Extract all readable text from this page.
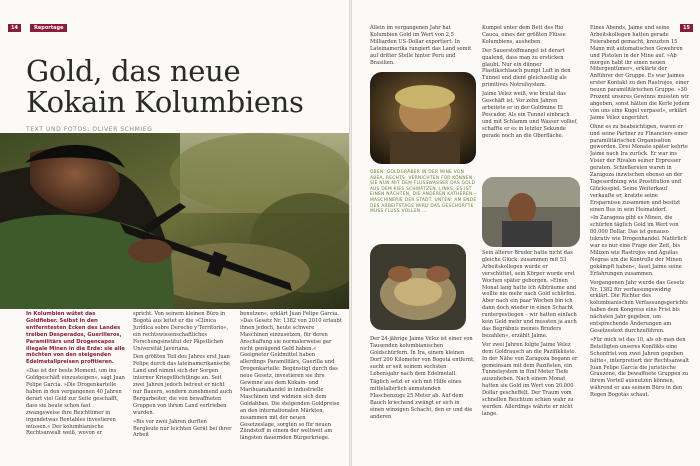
14	Reportage
Gold, das neue
Kokain Kolumbiens
TEXT UND FOTOS: OLIVER SCHMIEG

In Kolumbien wütet das Goldfieber. Selbst in den entferntesten Ecken des Landes treiben Desperados, Guerilleros, Paramilitärs und Drogencapos illegale Minen in die Erde: sie alle möchten von den steigenden Edelmetallpreisen profitieren.

»Das ist der beste Moment, um ins Goldgeschäft einzusteigen«, sagt Juan Felipe García. »Die Drogenkartelle haben in den vergangenen 40 Jahren derart viel Geld zur Seite geschafft, dass sie heute schon fast zwangsweise ihre Reichtümer in irgendetwas Rentables investieren müssen.« Der kolumbianische Rechtsanwalt weiß, wovon er

spricht. Von seinem kleinen Büro in Bogotá aus leitet er die »Clínica Jurídica sobre Derecho y Territorio«, ein rechtswissenschaftliches Forschungsinstitut der Päpstlichen Universität Javeriana.

Den größten Teil des Jahres erst Juan Felipe durch das lateinamerikanische Land und nimmt sich der Sorgen interner Kriegsflüchtlinge an. Seit zwei Jahren jedoch betreut er nicht nur Bauern, sondern zunehmend auch Bergarbeiter, die von bewaffneten Gruppen von ihrem Land vertrieben wurden.

»Bis vor zwei Jahren durften Bergleute nur leichten Gerät bei ihrer Arbeit

benutzen«, erklärt Juan Felipe García. »Das Gesetz Nr. 1382 von 2010 erlaubt ihnen jedoch, heute schwere Maschinen einzusetzen, für deren Anschaffung sie normalerweise gar nicht genügend Geld haben.« Geeigneter Geldmittel haben allerdings Paramilitärs, Guerilla und Drogenkartelle: Begünstigt durch das neue Gesetz, investieren sie ihre Gewinne aus dem Kokain- und Marihuanahandel in industrielle Maschinen und widmen sich dem Goldabbau. Die steigenden Goldpreise an den internationalen Märkten, zusammen mit der neuen Gesetzeslage, sorgten so für neuen Zündstoff in einem der weltweit am längsten dauernden Bürgerkriege.

15

Allein im vergangenen Jahr hat Kolumbien Gold im Wert von 2,5 Milliarden US-Dollar exportiert. In Lateinamerika rangiert das Land somit auf dritter Stelle hinter Peru und Brasilien.

OBEN: GOLDGRÄBER IN DER MINE VON ABEA. RECHTS: VERNICHTEN FÜR KÖNNEN SIE NUN MIT DEM FLUSSWASSER DAS GOLD AUS DEM KIES SCHWÄTZEN. LINKS, ES IST EINEN NÄCHTEN, DIE ANDEREN KATHEREN – MASCHINERIE DER STADT. UNTEN: AM ENDE DES ARBEITSTAGS WIRD DAS GESCHÜRFTE MUSS FLUSS VOLLEN ...

Der 24-jährige Jaime Vélez ist einer von Tausenden kolumbianischen Goldschürfern. In Ira, einem kleinen Dorf 200 Kilometer von Bogotá entfernt, sucht er seit seinem sechsten Lebensjahr nach dem Edelmetall.

Täglich setzt er sich mit Hilfe eines mittelalterlich anmutenden Flaschenzugs 25 Meter ab. Auf dem Bauch kriechend zwängt er sich in einen winzigen Schacht, den er und die anderen

Kumpel unter dem Bett des Río Cauca, eines der größten Flüsse Kolumbiens, ausheben.

Der Sauerstoffmangel ist derart qualend, dass man zu ersticken glaubt. Nur ein dünner Plastikschlauch pumpt Luft in den Tunnel und dient gleichzeitig als primitives Notrufsystem.

Jaime Vélez weiß, wie brutal das Geschäft ist. Vor zehn Jahren arbeitete er in der Goldmine El Pescador. Als ein Tunnel einbrach und mit Schlamm und Wasser vollief, schaffte er es in letzter Sekunde gerade noch an die Oberfläche.

Sein älterer Bruder hatte nicht das gleiche Glück: zusammen mit 53 Arbeitskollegen wurde er verschüttet, sein Körper wurde erst Wochen später geborgen. »Einen Monat lang hatte ich Albträume und wollte nie mehr nach Gold schürfen. Aber nach ein paar Wochen bin ich dann doch wieder in einen Schacht runtergestiegen – wir hatten einfach kein Geld mehr und mussten ja auch das Begräbnis meines Bruders bezahlen«, erzählt Jaime.

Vor zwei Jahren folgte Jaime Vélez dem Goldrausch an die Pazifikküste. In der Nähe von Zaragoza begann er gemeinsam mit dem Pazifisten, ein Tunnelsystem in fünf Meter Tiefe auszuheben. Nach einem Monat hatten sie Gold im Wert von 20.000 Dollar gescheffelt. Der Traum vom schnellen Reichtum schien wahr zu werden. Allerdings währte er nicht lange.

Eines Abends, Jaime und seine Arbeitskollegen hatten gerade Feierabend gemacht, kreuzten 15 Mann mit automatischen Gewehren und Pistolen in der Mine auf. »Ab morgen habt ihr einen neuen Mitergentümer«, erklärte der Anführer der Gruppe. Es war Jaimes erster Kontakt zu den Rastrojos, einer neuen paramilitärischen Gruppe. »30 Prozent unseres Gewinns mussten wir abgeben, sonst hätten die Kerle jedem von uns eine Kugel verpasst«, erklärt Jaime Vélez ungerührt.

Ohne es zu beabsichtigen, waren er und seine Partner zu Financiers einer paramilitärischen Organisation geworden. Drei Monate später kehrte Jaime nach Ira zurück. Er war ins Visier der Rivalen seiner Erpresser geraten. Schießereien waren in Zaragoza inzwischen ebenso an der Tagesordnung wie Prostitution und Glücksspiel. Seine Weiterkauf verkaufte er, kratzte seine Ersparnisse zusammen und besitzt einen Bus in sein Heimatdorf.

»In Zaragoza gibt es Minen, die schürfen täglich Gold im Wert von 80.000 Dollar. Das ist genauso lukrativ wie Drogenhandel. Natürlich war es nur eine Frage der Zeit, bis Milizen wie Rastrojos und Águilas Negras um die Kontrolle der Minen gekämpft haben«, fasst Jaime seine Erfahrungen zusammen.

Vergangenen Jahr wurde das Gesetz Nr. 1382 für verfassungswidrig erklärt. Die Richter des kolumbianischen Verfassungsgerichts haben dem Kongress eine Frist bis nächsten Jahr gegeben, um entsprechende Änderungen am Gesetzestext durchzuführen.

»Für mich ist das 10, als ob man den Beteiligten unseres Konflikts eine Schonfrist von zwei Jahren gegeben hätte«, interpretiert der Rechtsanwalt Juan Felipe García die juristische Grauzone, die bewaffnete Gruppen zu ihrem Vorteil ausnutzen können, während er aus seinem Büro in den Regen Bogotás schaut.
